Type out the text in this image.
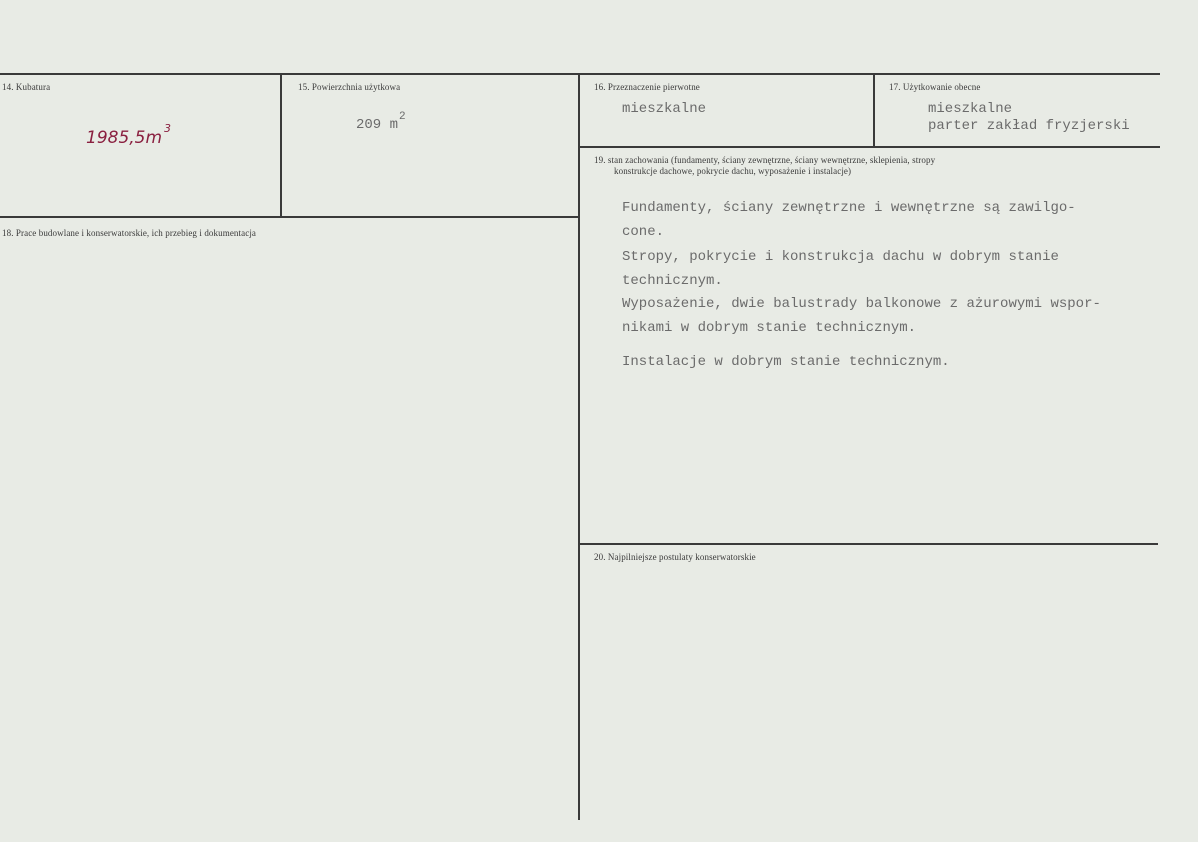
14. Kubatura
1985,5m $^3$
15. Powierzchnia użytkowa
209 $m^2$
16. Przeznaczenie pierwotne
mieszkalne
17. Użytkowanie obecne
mieszkalne
parter zakład fryzjerski
18. Prace budowlane i konserwatorskie, ich przebieg i dokumentacja
19. stan zachowania (fundamenty, ściany zewnętrzne, ściany wewnętrzne, sklepienia, stropy
konstrukcje dachowe, pokrycie dachu, wyposażenie i instalacje)
Fundamenty, ściany zewnętrzne i wewnętrzne są zawilgo-
cone.
Stropy, pokrycie i konstrukcja dachu w dobrym stanie
technicznym.
Wyposażenie, dwie balustrady balkonowe z ażurowymi wspor-
nikami w dobrym stanie technicznym.
Instalacje w dobrym stanie technicznym.
20. Najpilniejsze postulaty konserwatorskie
